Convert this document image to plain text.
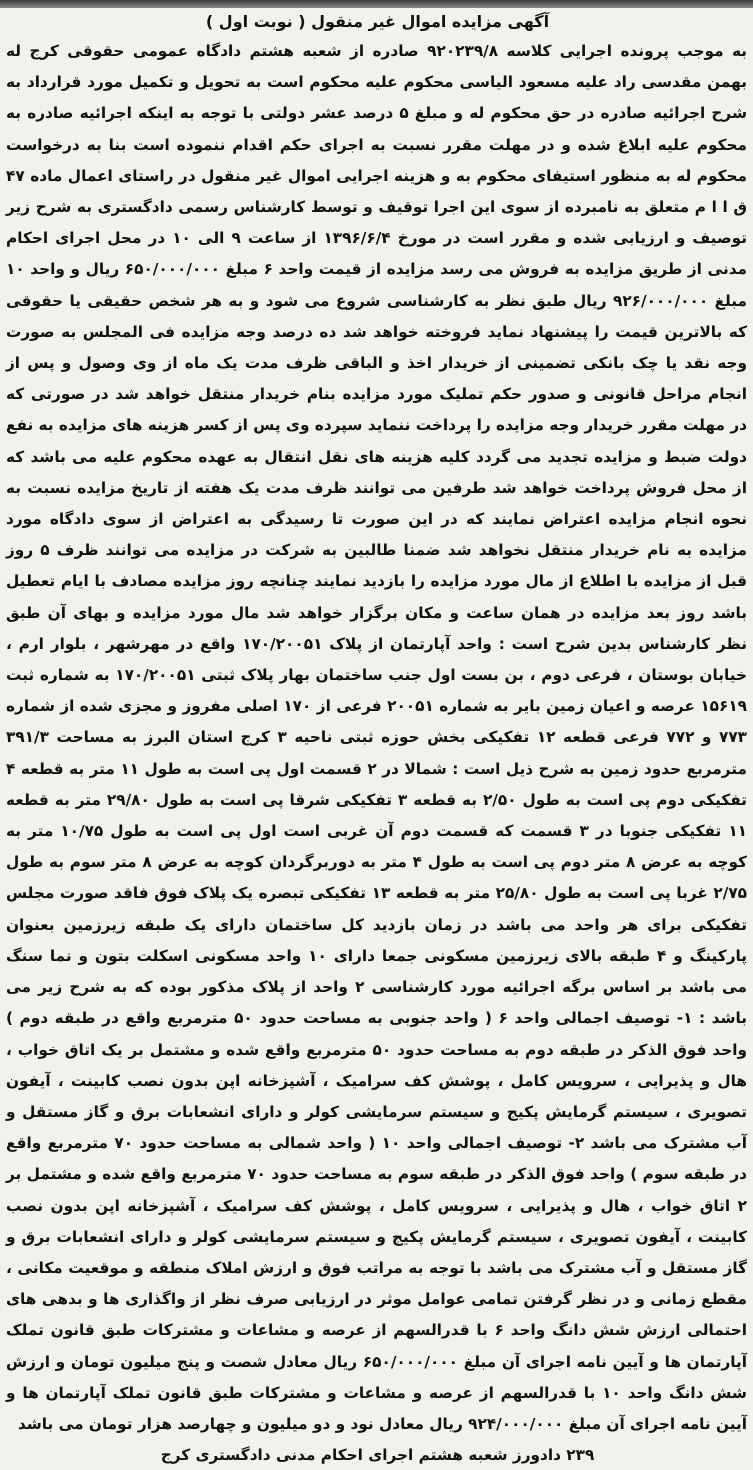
آگهی مزایده اموال غیر منقول ( نوبت اول )

به موجب پرونده اجرایی کلاسه ۹۲۰۲۳۹/۸ صادره از شعبه هشتم دادگاه عمومی حقوقی کرج له بهمن مقدسی راد علیه مسعود الیاسی محکوم علیه محکوم است به تحویل و تکمیل مورد قرارداد به شرح اجرائیه صادره در حق محکوم له و مبلغ ۵ درصد عشر دولتی با توجه به اینکه اجرائیه صادره به محکوم علیه ابلاغ شده و در مهلت مقرر نسبت به اجرای حکم اقدام ننموده است بنا به درخواست محکوم له به منظور استیفای محکوم به و هزینه اجرایی اموال غیر منقول در راستای اعمال ماده ۴۷ ق ا ا م متعلق به نامبرده از سوی این اجرا توقیف و توسط کارشناس رسمی دادگستری به شرح زیر توصیف و ارزیابی شده و مقرر است در مورخ ۱۳۹۶/۶/۴ از ساعت ۹ الی ۱۰ در محل اجرای احکام مدنی از طریق مزایده به فروش می رسد مزایده از قیمت واحد ۶ مبلغ ۶۵۰/۰۰۰/۰۰۰ ریال و واحد ۱۰ مبلغ ۹۲۶/۰۰۰/۰۰۰ ریال طبق نظر به کارشناسی شروع می شود و به هر شخص حقیقی یا حقوقی که بالاترین قیمت را پیشنهاد نماید فروخته خواهد شد ده درصد وجه مزایده فی المجلس به صورت وجه نقد یا چک بانکی تضمینی از خریدار اخذ و الباقی ظرف مدت یک ماه از وی وصول و پس از انجام مراحل قانونی و صدور حکم تملیک مورد مزایده بنام خریدار منتقل خواهد شد در صورتی که در مهلت مقرر خریدار وجه مزایده را پرداخت ننماید سپرده وی پس از کسر هزینه های مزایده به نفع دولت ضبط و مزایده تجدید می گردد کلیه هزینه های نقل انتقال به عهده محکوم علیه می باشد که از محل فروش پرداخت خواهد شد طرفین می توانند ظرف مدت یک هفته از تاریخ مزایده نسبت به نحوه انجام مزایده اعتراض نمایند که در این صورت تا رسیدگی به اعتراض از سوی دادگاه مورد مزایده به نام خریدار منتقل نخواهد شد ضمنا طالبین به شرکت در مزایده می توانند ظرف ۵ روز قبل از مزایده با اطلاع از مال مورد مزایده را بازدید نمایند چنانچه روز مزایده مصادف با ایام تعطیل باشد روز بعد مزایده در همان ساعت و مکان برگزار خواهد شد مال مورد مزایده و بهای آن طبق نظر کارشناس بدین شرح است : واحد آپارتمان از پلاک ۱۷۰/۲۰۰۵۱ واقع در مهرشهر ، بلوار ارم ، خیابان بوستان ، فرعی دوم ، بن بست اول جنب ساختمان بهار پلاک ثبتی ۱۷۰/۲۰۰۵۱ به شماره ثبت ۱۵۶۱۹ عرصه و اعیان زمین بایر به شماره ۲۰۰۵۱ فرعی از ۱۷۰ اصلی مفروز و مجزی شده از شماره ۷۷۳ و ۷۷۲ فرعی قطعه ۱۲ تفکیکی بخش حوزه ثبتی ناحیه ۳ کرج استان البرز به مساحت ۳۹۱/۳ مترمربع حدود زمین به شرح ذیل است : شمالا در ۲ قسمت اول پی است به طول ۱۱ متر به قطعه ۴ تفکیکی دوم پی است به طول ۲/۵۰ به قطعه ۳ تفکیکی شرقا پی است به طول ۲۹/۸۰ متر به قطعه ۱۱ تفکیکی جنوبا در ۳ قسمت که قسمت دوم آن غربی است اول پی است به طول ۱۰/۷۵ متر به کوچه به عرض ۸ متر دوم پی است به طول ۴ متر به دوربرگردان کوچه به عرض ۸ متر سوم به طول ۲/۷۵ غربا پی است به طول ۲۵/۸۰ متر به قطعه ۱۳ تفکیکی تبصره یک پلاک فوق فاقد صورت مجلس تفکیکی برای هر واحد می باشد در زمان بازدید کل ساختمان دارای یک طبقه زیرزمین بعنوان پارکینگ و ۴ طبقه بالای زیرزمین مسکونی جمعا دارای ۱۰ واحد مسکونی اسکلت بتون و نما سنگ می باشد بر اساس برگه اجرائیه مورد کارشناسی ۲ واحد از پلاک مذکور بوده که به شرح زیر می باشد : ۱- توصیف اجمالی واحد ۶ ( واحد جنوبی به مساحت حدود ۵۰ مترمربع واقع در طبقه دوم ) واحد فوق الذکر در طبقه دوم به مساحت حدود ۵۰ مترمربع واقع شده و مشتمل بر یک اتاق خواب ، هال و پذیرایی ، سرویس کامل ، پوشش کف سرامیک ، آشپزخانه اپن بدون نصب کابینت ، آیفون تصویری ، سیستم گرمایش پکیج و سیستم سرمایشی کولر و دارای انشعابات برق و گاز مستقل و آب مشترک می باشد ۲- توصیف اجمالی واحد ۱۰ ( واحد شمالی به مساحت حدود ۷۰ مترمربع واقع در طبقه سوم ) واحد فوق الذکر در طبقه سوم به مساحت حدود ۷۰ مترمربع واقع شده و مشتمل بر ۲ اتاق خواب ، هال و پذیرایی ، سرویس کامل ، پوشش کف سرامیک ، آشپزخانه اپن بدون نصب کابینت ، آیفون تصویری ، سیستم گرمایش پکیج و سیستم سرمایشی کولر و دارای انشعابات برق و گاز مستقل و آب مشترک می باشد با توجه به مراتب فوق و ارزش املاک منطقه و موقعیت مکانی ، مقطع زمانی و در نظر گرفتن تمامی عوامل موثر در ارزیابی صرف نظر از واگذاری ها و بدهی های احتمالی ارزش شش دانگ واحد ۶ با قدرالسهم از عرصه و مشاعات و مشترکات طبق قانون تملک آپارتمان ها و آیین نامه اجرای آن مبلغ ۶۵۰/۰۰۰/۰۰۰ ریال معادل شصت و پنج میلیون تومان و ارزش شش دانگ واحد ۱۰ با قدرالسهم از عرصه و مشاعات و مشترکات طبق قانون تملک آپارتمان ها و آیین نامه اجرای آن مبلغ ۹۲۴/۰۰۰/۰۰۰ ریال معادل نود و دو میلیون و چهارصد هزار تومان می باشد

۲۳۹ دادورز شعبه هشتم اجرای احکام مدنی دادگستری کرج
